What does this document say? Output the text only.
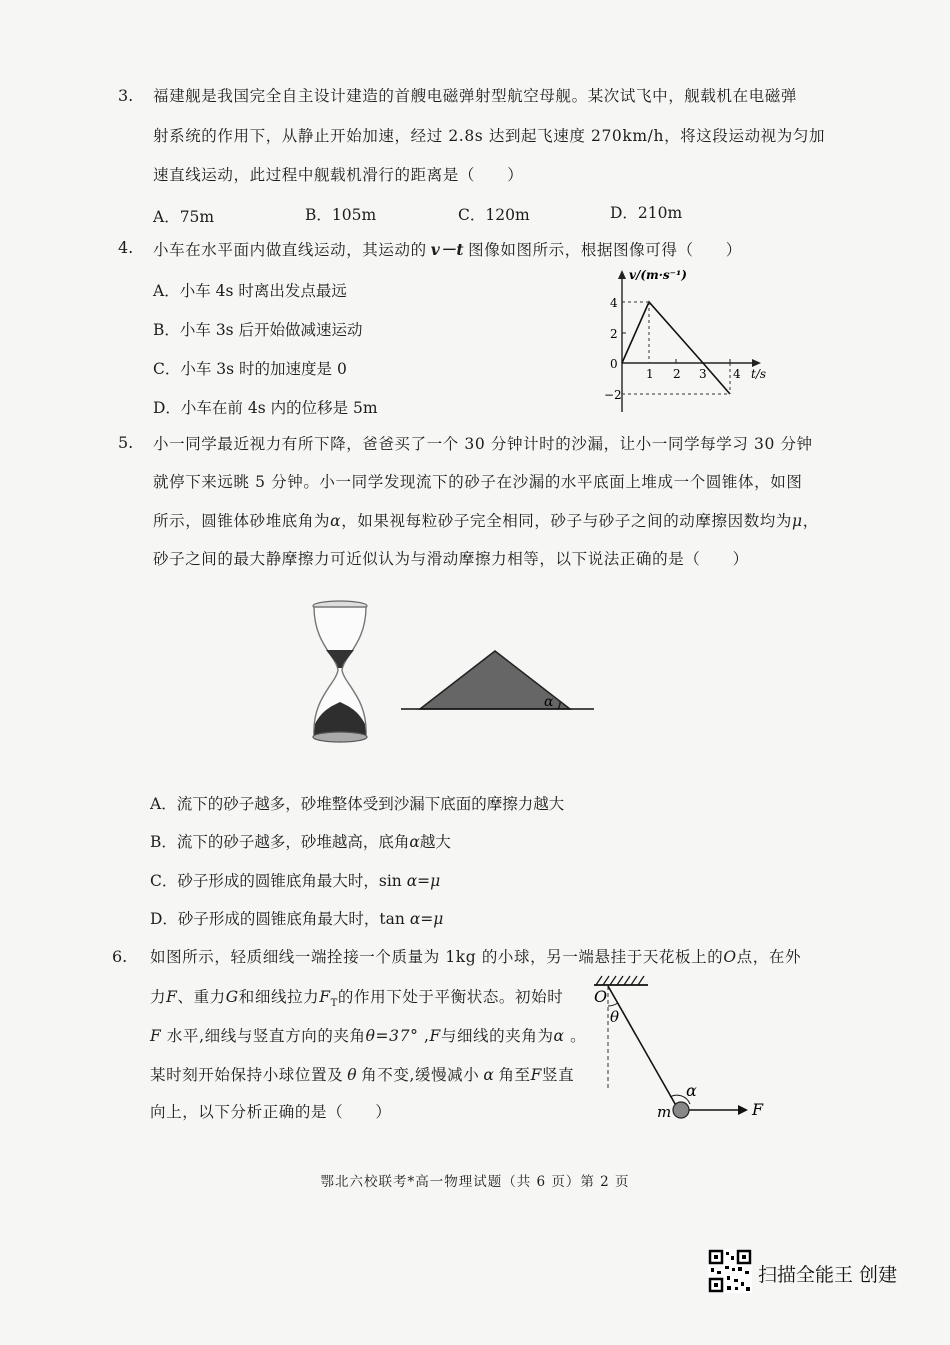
3. 福建舰是我国完全自主设计建造的首艘电磁弹射型航空母舰。某次试飞中，舰载机在电磁弹
射系统的作用下，从静止开始加速，经过 2.8s 达到起飞速度 270km/h，将这段运动视为匀加
速直线运动，此过程中舰载机滑行的距离是（　　）
A．75m	B．105m	C．120m	D．210m
4. 小车在水平面内做直线运动，其运动的 v－t 图像如图所示，根据图像可得（　　）
A．小车 4s 时离出发点最远
B．小车 3s 后开始做减速运动
C．小车 3s 时的加速度是 0
D．小车在前 4s 内的位移是 5m
v/(m·s⁻¹)
4
2
0
−2
1 2 3 4 t/s
5. 小一同学最近视力有所下降，爸爸买了一个 30 分钟计时的沙漏，让小一同学每学习 30 分钟
就停下来远眺 5 分钟。小一同学发现流下的砂子在沙漏的水平底面上堆成一个圆锥体，如图
所示，圆锥体砂堆底角为α，如果视每粒砂子完全相同，砂子与砂子之间的动摩擦因数均为μ，
砂子之间的最大静摩擦力可近似认为与滑动摩擦力相等，以下说法正确的是（　　）
α
A．流下的砂子越多，砂堆整体受到沙漏下底面的摩擦力越大
B．流下的砂子越多，砂堆越高，底角α越大
C．砂子形成的圆锥底角最大时，sin α=μ
D．砂子形成的圆锥底角最大时，tan α=μ
6. 如图所示，轻质细线一端拴接一个质量为 1kg 的小球，另一端悬挂于天花板上的O点，在外
力F、重力G和细线拉力$F_T$的作用下处于平衡状态。初始时
F 水平,细线与竖直方向的夹角θ=37° ,F与细线的夹角为α 。
某时刻开始保持小球位置及 θ 角不变,缓慢减小 α 角至F竖直
向上，以下分析正确的是（　　）
O
θ
α
m	F
鄂北六校联考*高一物理试题（共 6 页）第 2 页
扫描全能王 创建
